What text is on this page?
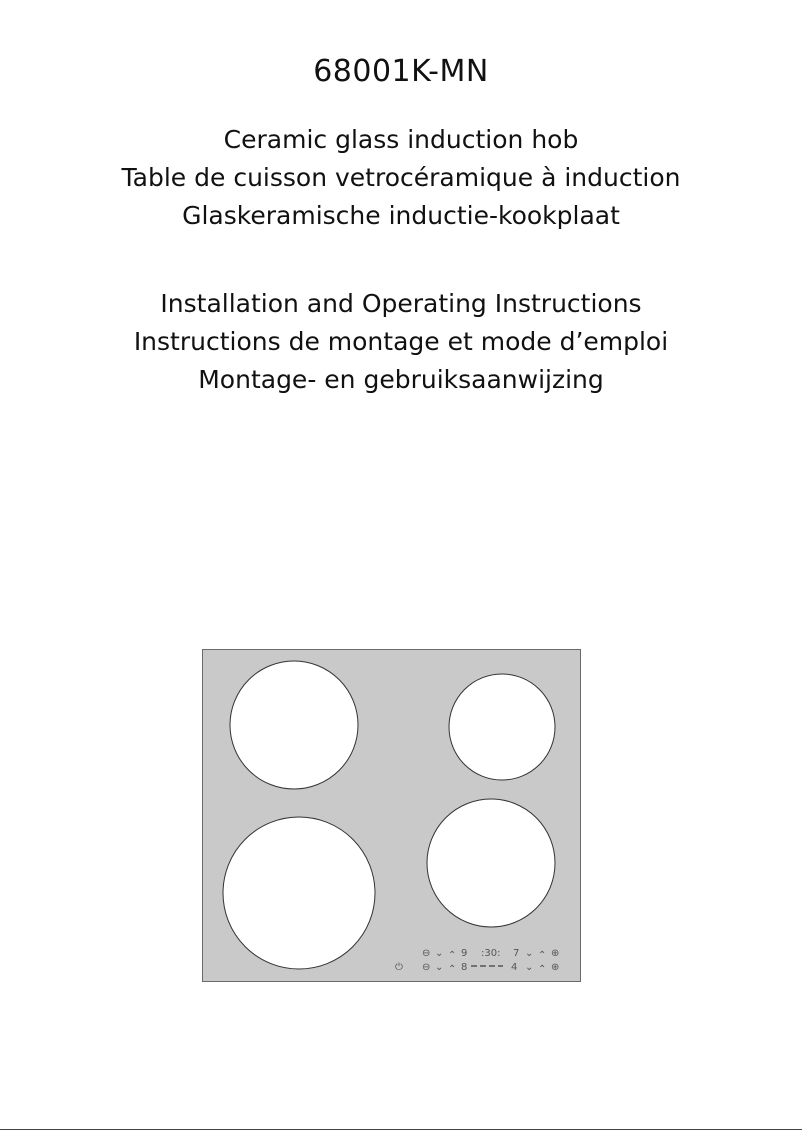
68001K-MN
Ceramic glass induction hob
Table de cuisson vetrocéramique à induction
Glaskeramische inductie-kookplaat
Installation and Operating Instructions
Instructions de montage et mode d’emploi
Montage- en gebruiksaanwijzing
⊖ ⌄ ⌃ 9 :30: 7 ⌄ ⌃ ⊕
⏻ ⊖ ⌄ ⌃ 8	4 ⌄ ⌃ ⊕
